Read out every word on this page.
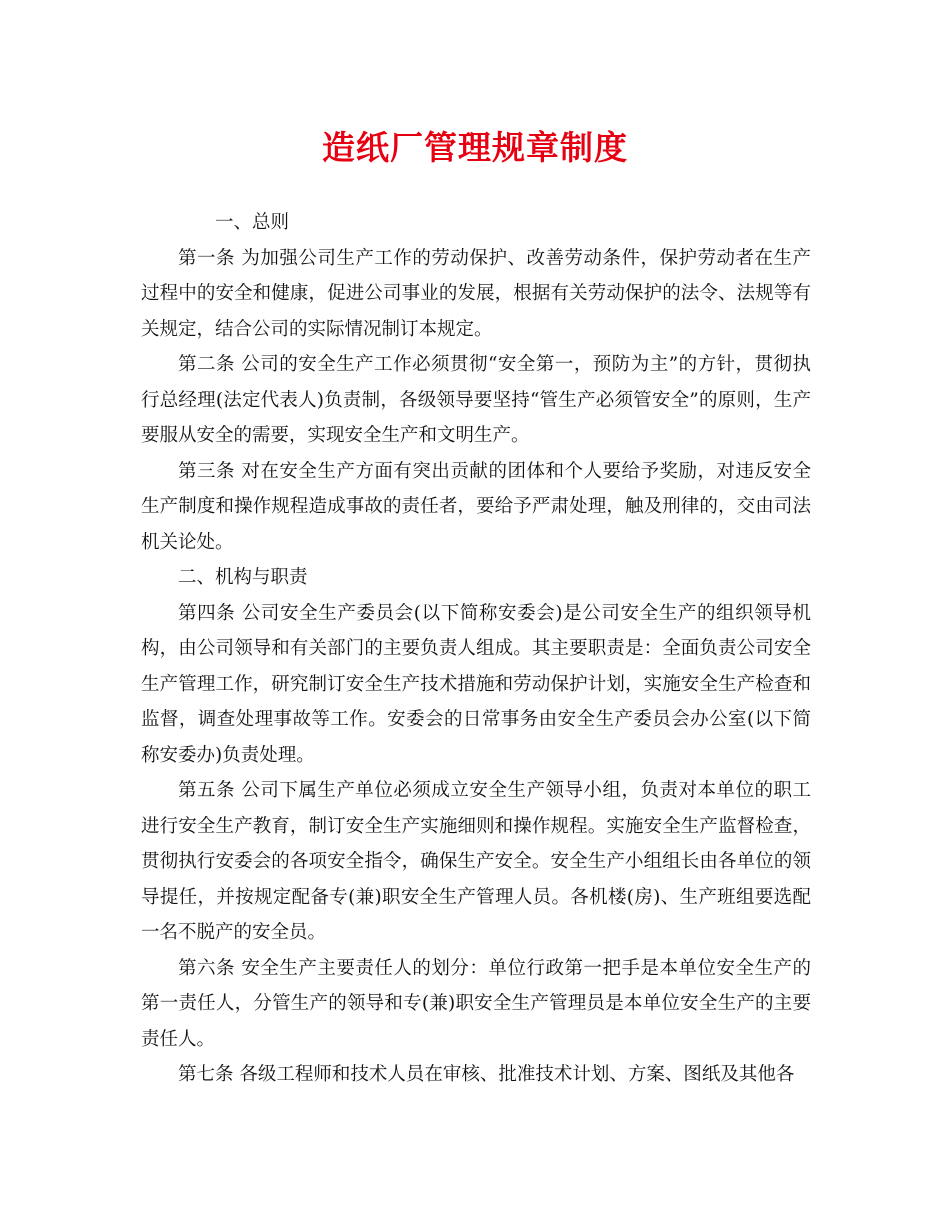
造纸厂管理规章制度

一、总则

第一条 为加强公司生产工作的劳动保护、改善劳动条件，保护劳动者在生产过程中的安全和健康，促进公司事业的发展，根据有关劳动保护的法令、法规等有关规定，结合公司的实际情况制订本规定。

第二条 公司的安全生产工作必须贯彻“安全第一，预防为主”的方针，贯彻执行总经理(法定代表人)负责制，各级领导要坚持“管生产必须管安全”的原则，生产要服从安全的需要，实现安全生产和文明生产。

第三条 对在安全生产方面有突出贡献的团体和个人要给予奖励，对违反安全生产制度和操作规程造成事故的责任者，要给予严肃处理，触及刑律的，交由司法机关论处。

二、机构与职责

第四条 公司安全生产委员会(以下简称安委会)是公司安全生产的组织领导机构，由公司领导和有关部门的主要负责人组成。其主要职责是：全面负责公司安全生产管理工作，研究制订安全生产技术措施和劳动保护计划，实施安全生产检查和监督，调查处理事故等工作。安委会的日常事务由安全生产委员会办公室(以下简称安委办)负责处理。

第五条 公司下属生产单位必须成立安全生产领导小组，负责对本单位的职工进行安全生产教育，制订安全生产实施细则和操作规程。实施安全生产监督检查，贯彻执行安委会的各项安全指令，确保生产安全。安全生产小组组长由各单位的领导提任，并按规定配备专(兼)职安全生产管理人员。各机楼(房)、生产班组要选配一名不脱产的安全员。

第六条 安全生产主要责任人的划分：单位行政第一把手是本单位安全生产的第一责任人，分管生产的领导和专(兼)职安全生产管理员是本单位安全生产的主要责任人。

第七条 各级工程师和技术人员在审核、批准技术计划、方案、图纸及其他各
